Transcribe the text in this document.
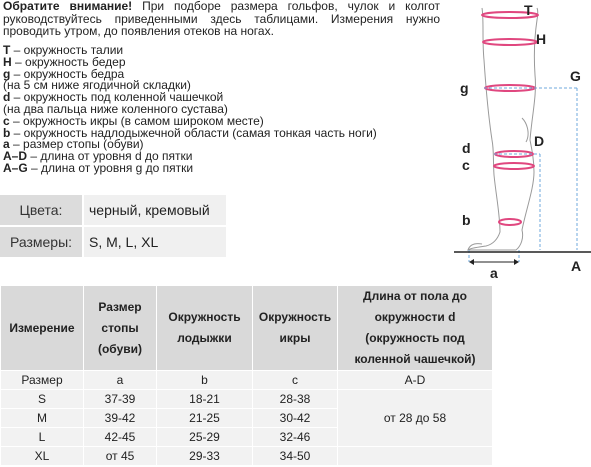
Обратите внимание! При подборе размера гольфов, чулок и колгот руководствуйтесь приведенными здесь таблицами. Измерения нужно проводить утром, до появления отеков на ногах.
T – окружность талии
H – окружность бедер
g – окружность бедра
(на 5 см ниже ягодичной складки)
d – окружность под коленной чашечкой
(на два пальца ниже коленного сустава)
c – окружность икры (в самом широком месте)
b – окружность надлодыжечной области (самая тонкая часть ноги)
a – размер стопы (обуви)
A–D – длина от уровня d до пятки
A–G – длина от уровня g до пятки
Цвета:	черный, кремовый
Размеры:	S, M, L, XL
T
H
G
g
D
d
c
b
A
a
Измерение	Размер стопы (обуви)	Окружность лодыжки	Окружность икры	Длина от пола до окружности d (окружность под коленной чашечкой)
Размер	a	b	c	A-D
S	37-39	18-21	28-38	от 28 до 58
M	39-42	21-25	30-42	
L	42-45	25-29	32-46	
XL	от 45	29-33	34-50	
